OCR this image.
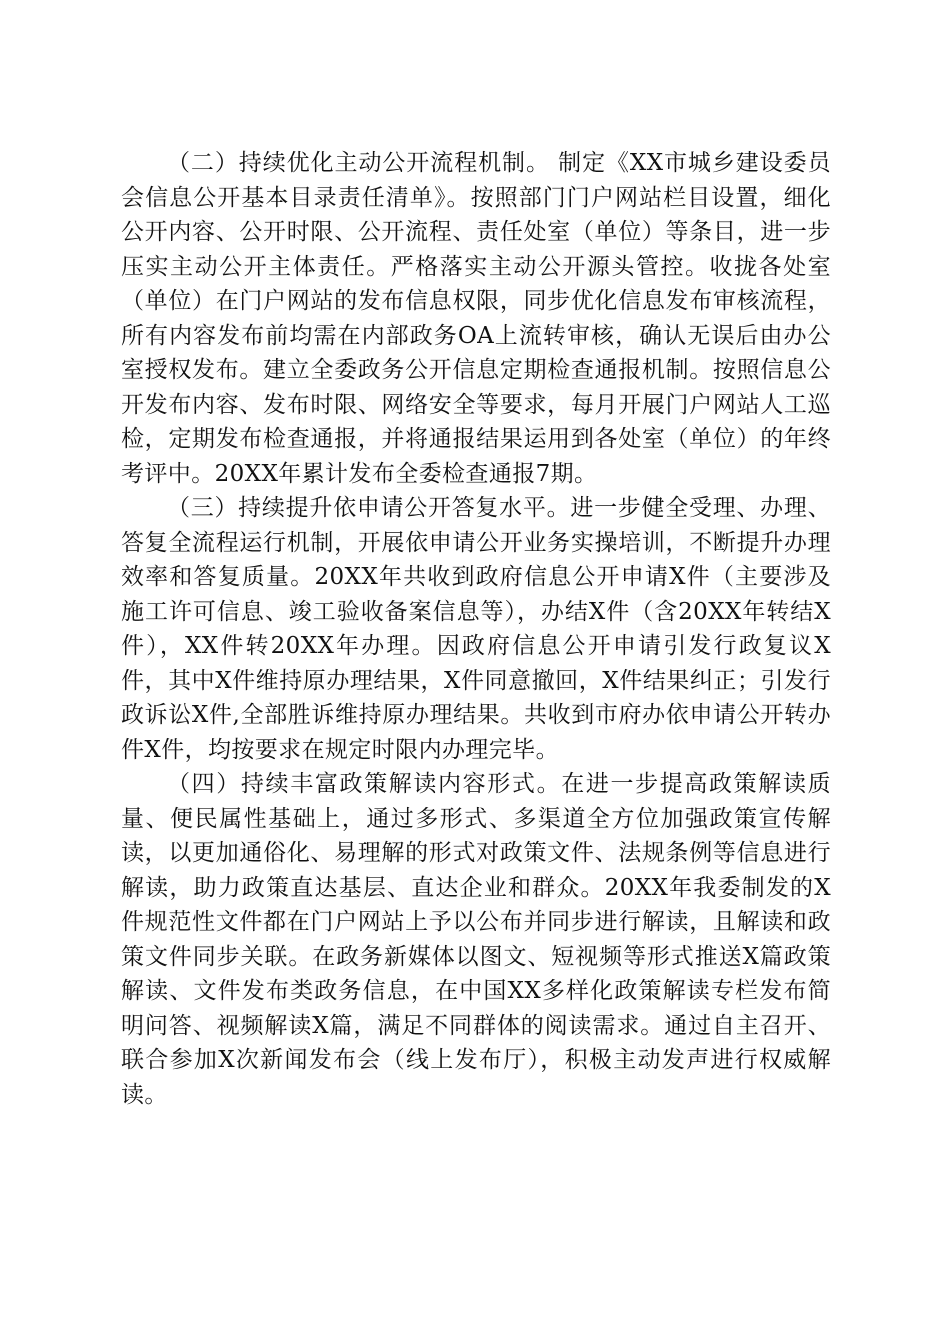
（二）持续优化主动公开流程机制。 制定《XX市城乡建设委员会信息公开基本目录责任清单》。按照部门门户网站栏目设置，细化公开内容、公开时限、公开流程、责任处室（单位）等条目，进一步压实主动公开主体责任。严格落实主动公开源头管控。收拢各处室（单位）在门户网站的发布信息权限，同步优化信息发布审核流程，所有内容发布前均需在内部政务OA上流转审核，确认无误后由办公室授权发布。建立全委政务公开信息定期检查通报机制。按照信息公开发布内容、发布时限、网络安全等要求，每月开展门户网站人工巡检，定期发布检查通报，并将通报结果运用到各处室（单位）的年终考评中。20XX年累计发布全委检查通报7期。

（三）持续提升依申请公开答复水平。进一步健全受理、办理、答复全流程运行机制，开展依申请公开业务实操培训，不断提升办理效率和答复质量。20XX年共收到政府信息公开申请X件（主要涉及施工许可信息、竣工验收备案信息等），办结X件（含20XX年转结X件），XX件转20XX年办理。因政府信息公开申请引发行政复议X件，其中X件维持原办理结果，X件同意撤回，X件结果纠正；引发行政诉讼X件,全部胜诉维持原办理结果。共收到市府办依申请公开转办件X件，均按要求在规定时限内办理完毕。

（四）持续丰富政策解读内容形式。在进一步提高政策解读质量、便民属性基础上，通过多形式、多渠道全方位加强政策宣传解读，以更加通俗化、易理解的形式对政策文件、法规条例等信息进行解读，助力政策直达基层、直达企业和群众。20XX年我委制发的X件规范性文件都在门户网站上予以公布并同步进行解读，且解读和政策文件同步关联。在政务新媒体以图文、短视频等形式推送X篇政策解读、文件发布类政务信息，在中国XX多样化政策解读专栏发布简明问答、视频解读X篇，满足不同群体的阅读需求。通过自主召开、联合参加X次新闻发布会（线上发布厅），积极主动发声进行权威解读。
